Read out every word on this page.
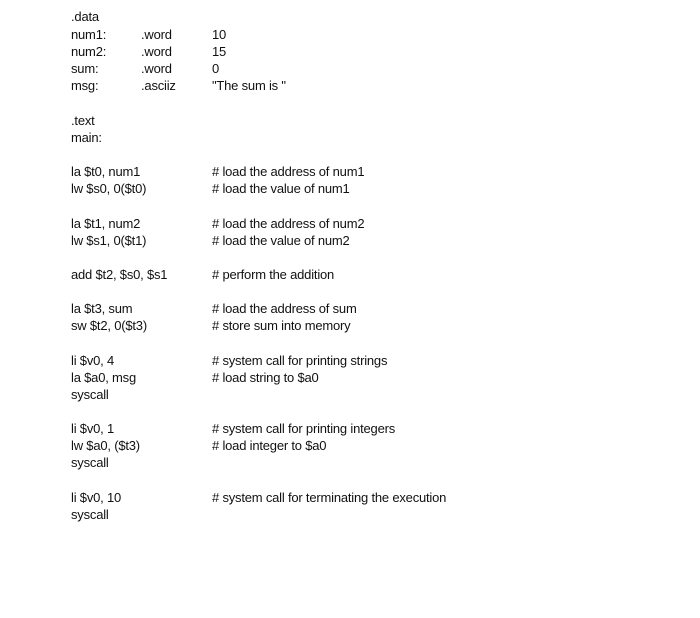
.data
num1:	.word	10
num2:	.word	15
sum:	.word	0
msg:	.asciiz	"The sum is "
.text
main:
la $t0, num1	# load the address of num1
lw $s0, 0($t0)	# load the value of num1
la $t1, num2	# load the address of num2
lw $s1, 0($t1)	# load the value of num2
add $t2, $s0, $s1	# perform the addition
la $t3, sum	# load the address of sum
sw $t2, 0($t3)	# store sum into memory
li $v0, 4	# system call for printing strings
la $a0, msg	# load string to $a0
syscall
li $v0, 1	# system call for printing integers
lw $a0, ($t3)	# load integer to $a0
syscall
li $v0, 10	# system call for terminating the execution
syscall
